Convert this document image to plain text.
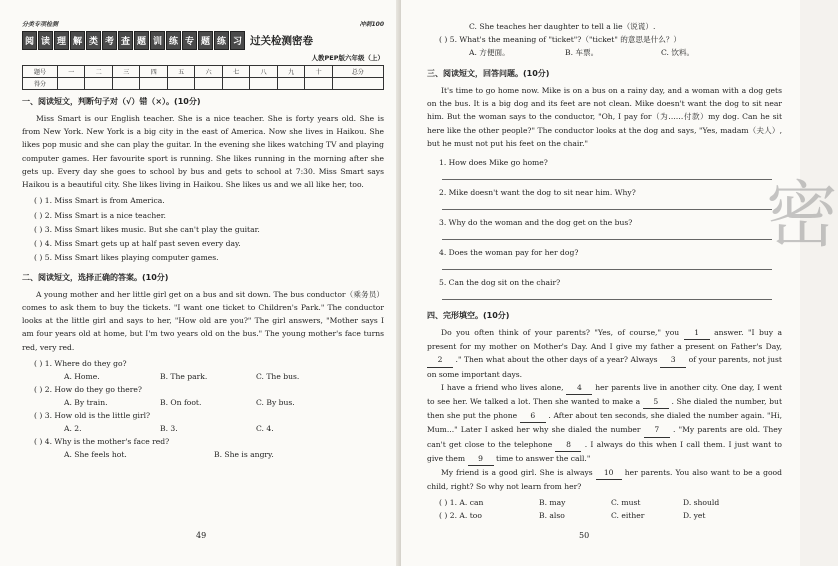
分类专项检测	冲刺100
阅 读 理 解 类 考 查 题 训 练 专 题 练 习 过关检测密卷
人教PEP版六年级（上）
题号	一	二	三	四	五	六	七	八	九	十	总分
得分											
一、阅读短文，判断句子对（√）错（×）。(10分)

Miss Smart is our English teacher. She is a nice teacher. She is forty years old. She is from New York. New York is a big city in the east of America. Now she lives in Haikou. She likes pop music and she can play the guitar. In the evening she likes watching TV and playing computer games. Her favourite sport is running. She likes running in the morning after she gets up. Every day she goes to school by bus and gets to school at 7:30. Miss Smart says Haikou is a beautiful city. She likes living in Haikou. She likes us and we all like her, too.

( ) 1. Miss Smart is from America.
( ) 2. Miss Smart is a nice teacher.
( ) 3. Miss Smart likes music. But she can't play the guitar.
( ) 4. Miss Smart gets up at half past seven every day.
( ) 5. Miss Smart likes playing computer games.
二、阅读短文，选择正确的答案。(10分)

A young mother and her little girl get on a bus and sit down. The bus conductor（乘务员）comes to ask them to buy the tickets. "I want one ticket to Children's Park." The conductor looks at the little girl and says to her, "How old are you?" The girl answers, "Mother says I am four years old at home, but I'm two years old on the bus." The young mother's face turns red, very red.

( ) 1. Where do they go?
A. Home.	B. The park.	C. The bus.
( ) 2. How do they go there?
A. By train.	B. On foot.	C. By bus.
( ) 3. How old is the little girl?
A. 2.	B. 3.	C. 4.
( ) 4. Why is the mother's face red?
A. She feels hot.	B. She is angry.
49
C. She teaches her daughter to tell a lie（说谎）.
( ) 5. What's the meaning of "ticket"?（"ticket" 的意思是什么？）
A. 方便面。	B. 车票。	C. 饮料。
三、阅读短文，回答问题。(10分)

It's time to go home now. Mike is on a bus on a rainy day, and a woman with a dog gets on the bus. It is a big dog and its feet are not clean. Mike doesn't want the dog to sit near him. But the woman says to the conductor, "Oh, I pay for（为……付款）my dog. Can he sit here like the other people?" The conductor looks at the dog and says, "Yes, madam（夫人）, but he must not put his feet on the chair."

1. How does Mike go home?
2. Mike doesn't want the dog to sit near him. Why?
3. Why do the woman and the dog get on the bus?
4. Does the woman pay for her dog?
5. Can the dog sit on the chair?
四、完形填空。(10分)

Do you often think of your parents? "Yes, of course," you 1 answer. "I buy a present for my mother on Mother's Day. And I give my father a present on Father's Day, 2 ." Then what about the other days of a year? Always 3 of your parents, not just on some important days.

I have a friend who lives alone, 4 her parents live in another city. One day, I went to see her. We talked a lot. Then she wanted to make a 5 . She dialed the number, but then she put the phone 6 . After about ten seconds, she dialed the number again. "Hi, Mum..." Later I asked her why she dialed the number 7 . "My parents are old. They can't get close to the telephone 8 . I always do this when I call them. I just want to give them 9 time to answer the call."

My friend is a good girl. She is always 10 her parents. You also want to be a good child, right? So why not learn from her?

( ) 1. A. can	B. may	C. must	D. should
( ) 2. A. too	B. also	C. either	D. yet
50
密
